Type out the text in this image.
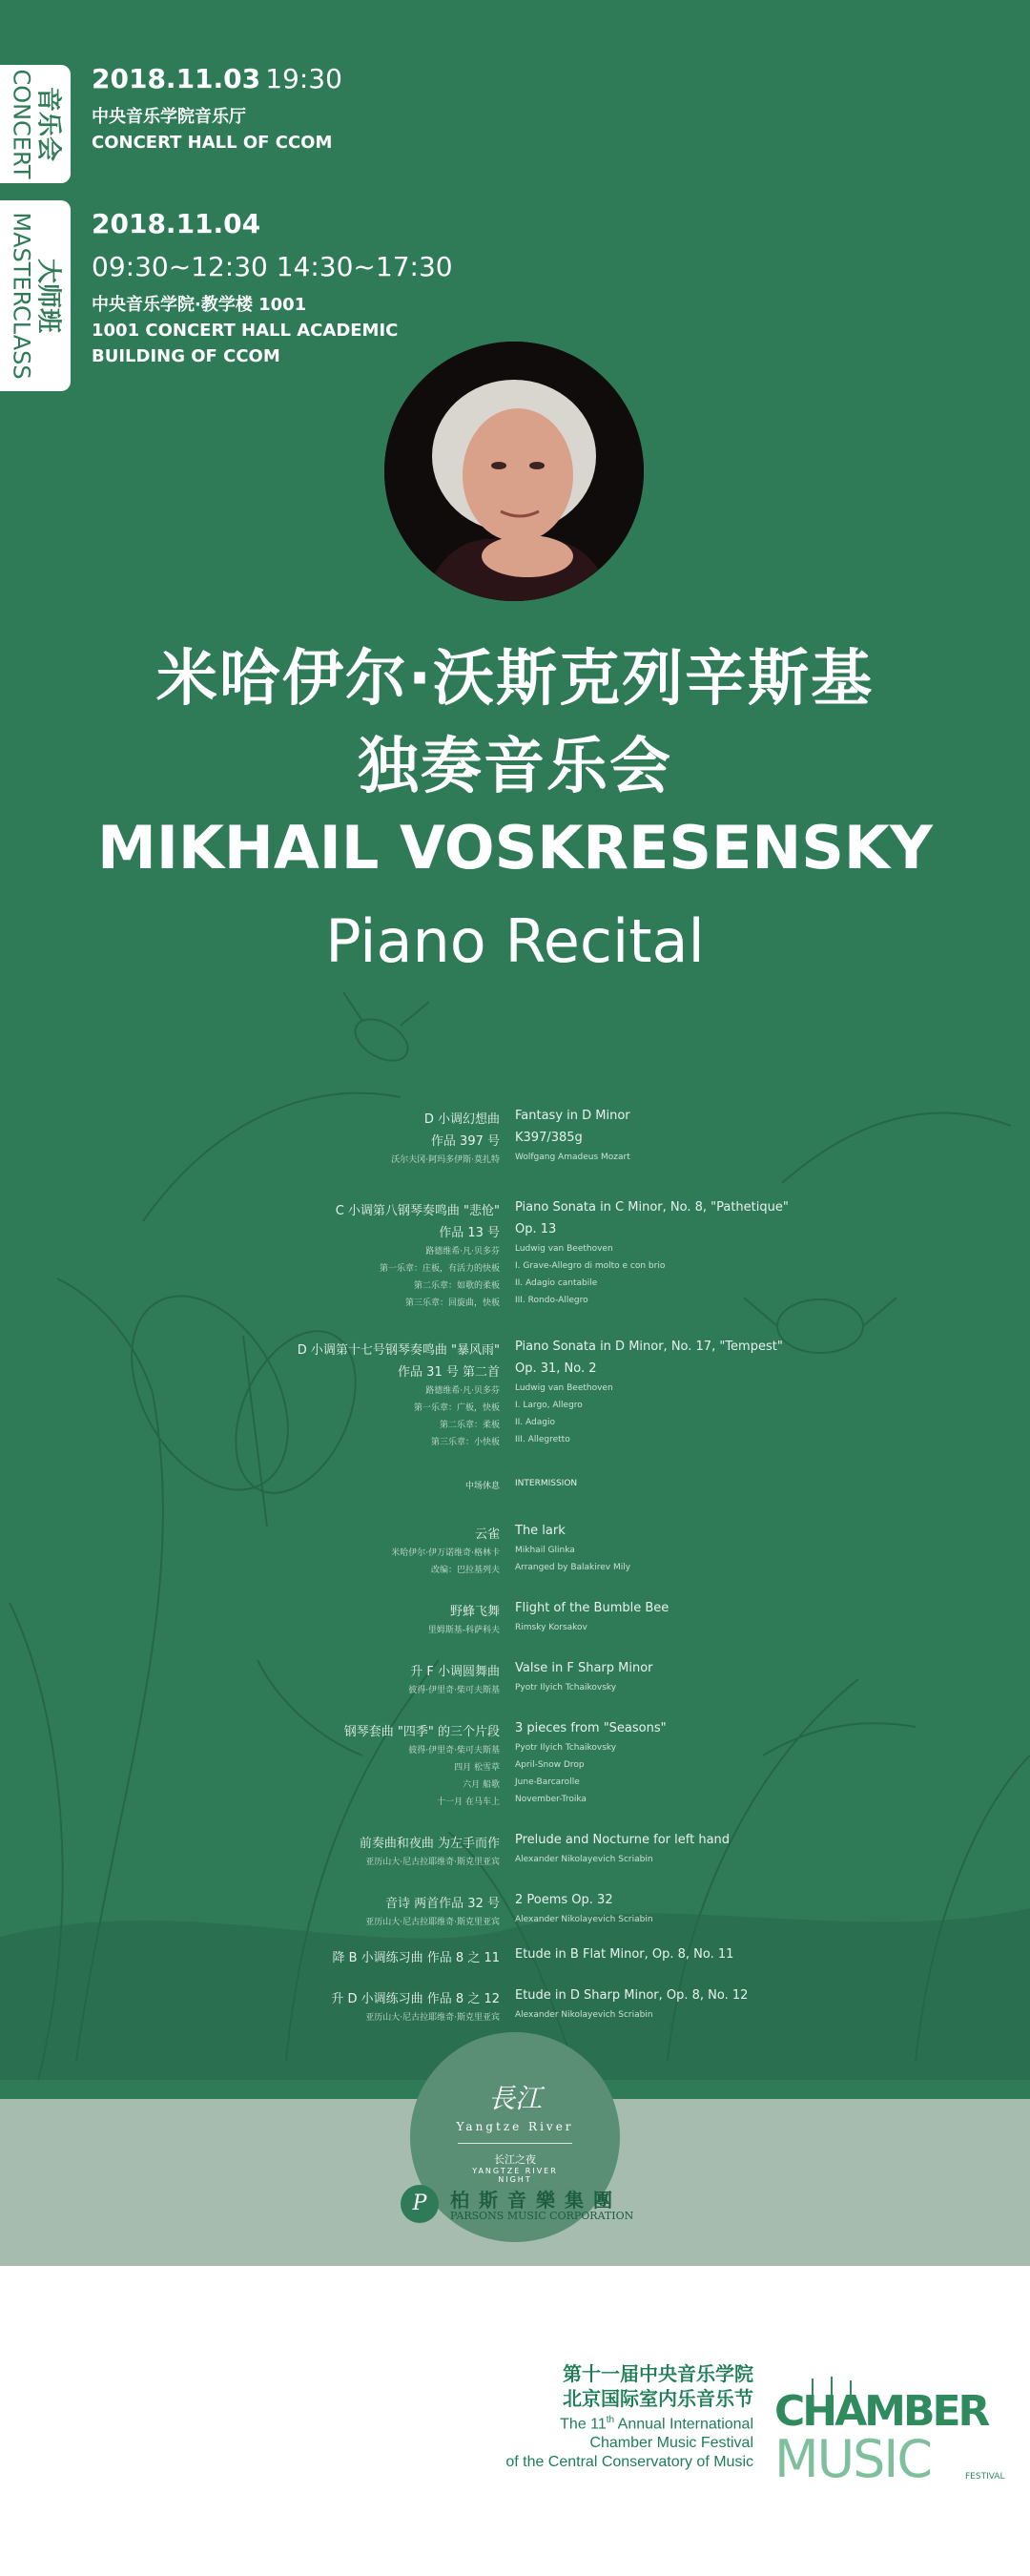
音乐会
CONCERT 2018.11.03 19:30
中央音乐学院音乐厅
CONCERT HALL OF CCOM
大师班
MASTERCLASS 2018.11.04
09:30~12:30 14:30~17:30
中央音乐学院·教学楼 1001
1001 CONCERT HALL ACADEMIC
BUILDING OF CCOM
米哈伊尔·沃斯克列辛斯基
独奏音乐会
MIKHAIL VOSKRESENSKY
Piano Recital
D 小调幻想曲 Fantasy in D Minor
作品 397 号 K397/385g
沃尔夫冈·阿玛多伊斯·莫扎特 Wolfgang Amadeus Mozart
C 小调第八钢琴奏鸣曲 "悲怆" Piano Sonata in C Minor, No. 8, "Pathetique"
作品 13 号 Op. 13
路德维希·凡·贝多芬 Ludwig van Beethoven
第一乐章：庄板，有活力的快板 I. Grave-Allegro di molto e con brio
第二乐章：如歌的柔板 II. Adagio cantabile
第三乐章：回旋曲，快板 III. Rondo-Allegro
D 小调第十七号钢琴奏鸣曲 "暴风雨" Piano Sonata in D Minor, No. 17, "Tempest"
作品 31 号 第二首 Op. 31, No. 2
路德维希·凡·贝多芬 Ludwig van Beethoven
第一乐章：广板，快板 I. Largo, Allegro
第二乐章：柔板 II. Adagio
第三乐章：小快板 III. Allegretto
中场休息 INTERMISSION
云雀 The lark
米哈伊尔·伊万诺维奇·格林卡 Mikhail Glinka
改编：巴拉基列夫 Arranged by Balakirev Mily
野蜂飞舞 Flight of the Bumble Bee
里姆斯基-科萨科夫 Rimsky Korsakov
升 F 小调圆舞曲 Valse in F Sharp Minor
彼得·伊里奇·柴可夫斯基 Pyotr Ilyich Tchaikovsky
钢琴套曲 "四季" 的三个片段 3 pieces from "Seasons"
彼得·伊里奇·柴可夫斯基 Pyotr Ilyich Tchaikovsky
四月 松雪草 April-Snow Drop
六月 船歌 June-Barcarolle
十一月 在马车上 November-Troika
前奏曲和夜曲 为左手而作 Prelude and Nocturne for left hand
亚历山大·尼古拉耶维奇·斯克里亚宾 Alexander Nikolayevich Scriabin
音诗 两首作品 32 号 2 Poems Op. 32
亚历山大·尼古拉耶维奇·斯克里亚宾 Alexander Nikolayevich Scriabin
降 B 小调练习曲 作品 8 之 11 Etude in B Flat Minor, Op. 8, No. 11
升 D 小调练习曲 作品 8 之 12 Etude in D Sharp Minor, Op. 8, No. 12
亚历山大·尼古拉耶维奇·斯克里亚宾 Alexander Nikolayevich Scriabin
長江
Yangtze River
长江之夜
YANGTZE RIVER
NIGHT
P	柏斯音樂集團
PARSONS MUSIC CORPORATION
第十一届中央音乐学院
北京国际室内乐音乐节
The 11th Annual International
Chamber Music Festival
of the Central Conservatory of Music
CHAMBER
MUSIC	FESTIVAL
